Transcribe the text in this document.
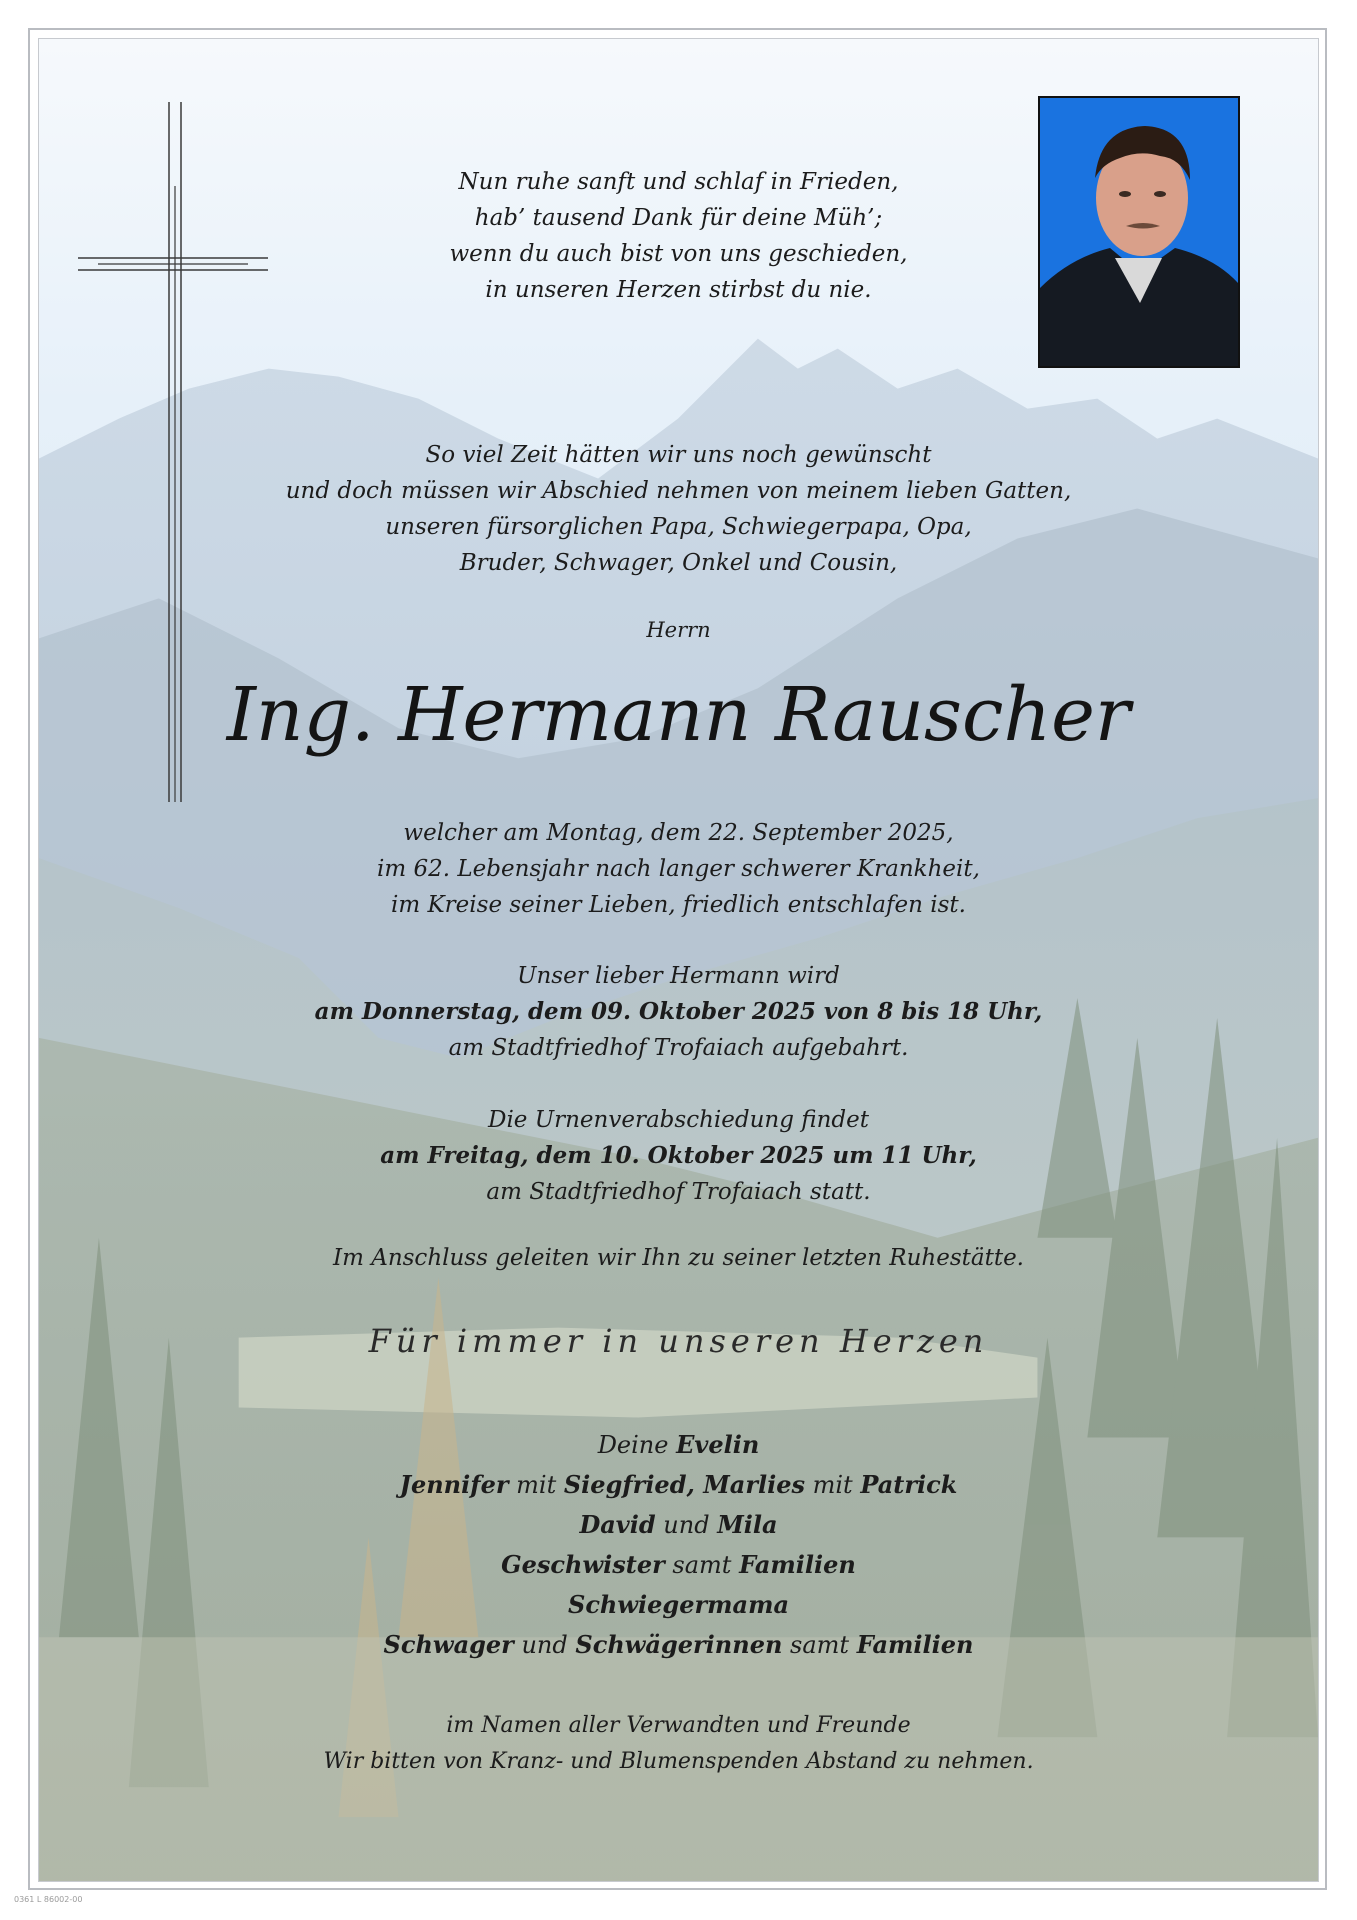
Nun ruhe sanft und schlaf in Frieden,
hab’ tausend Dank für deine Müh’;
wenn du auch bist von uns geschieden,
in unseren Herzen stirbst du nie.
So viel Zeit hätten wir uns noch gewünscht
und doch müssen wir Abschied nehmen von meinem lieben Gatten,
unseren fürsorglichen Papa, Schwiegerpapa, Opa,
Bruder, Schwager, Onkel und Cousin,
Herrn
Ing. Hermann Rauscher
welcher am Montag, dem 22. September 2025,
im 62. Lebensjahr nach langer schwerer Krankheit,
im Kreise seiner Lieben, friedlich entschlafen ist.
Unser lieber Hermann wird
am Donnerstag, dem 09. Oktober 2025 von 8 bis 18 Uhr,
am Stadtfriedhof Trofaiach aufgebahrt.
Die Urnenverabschiedung findet
am Freitag, dem 10. Oktober 2025 um 11 Uhr,
am Stadtfriedhof Trofaiach statt.
Im Anschluss geleiten wir Ihn zu seiner letzten Ruhestätte.
Für immer in unseren Herzen
Deine Evelin
Jennifer mit Siegfried, Marlies mit Patrick
David und Mila
Geschwister samt Familien
Schwiegermama
Schwager und Schwägerinnen samt Familien
im Namen aller Verwandten und Freunde
Wir bitten von Kranz- und Blumenspenden Abstand zu nehmen.
0361 L 86002-00
